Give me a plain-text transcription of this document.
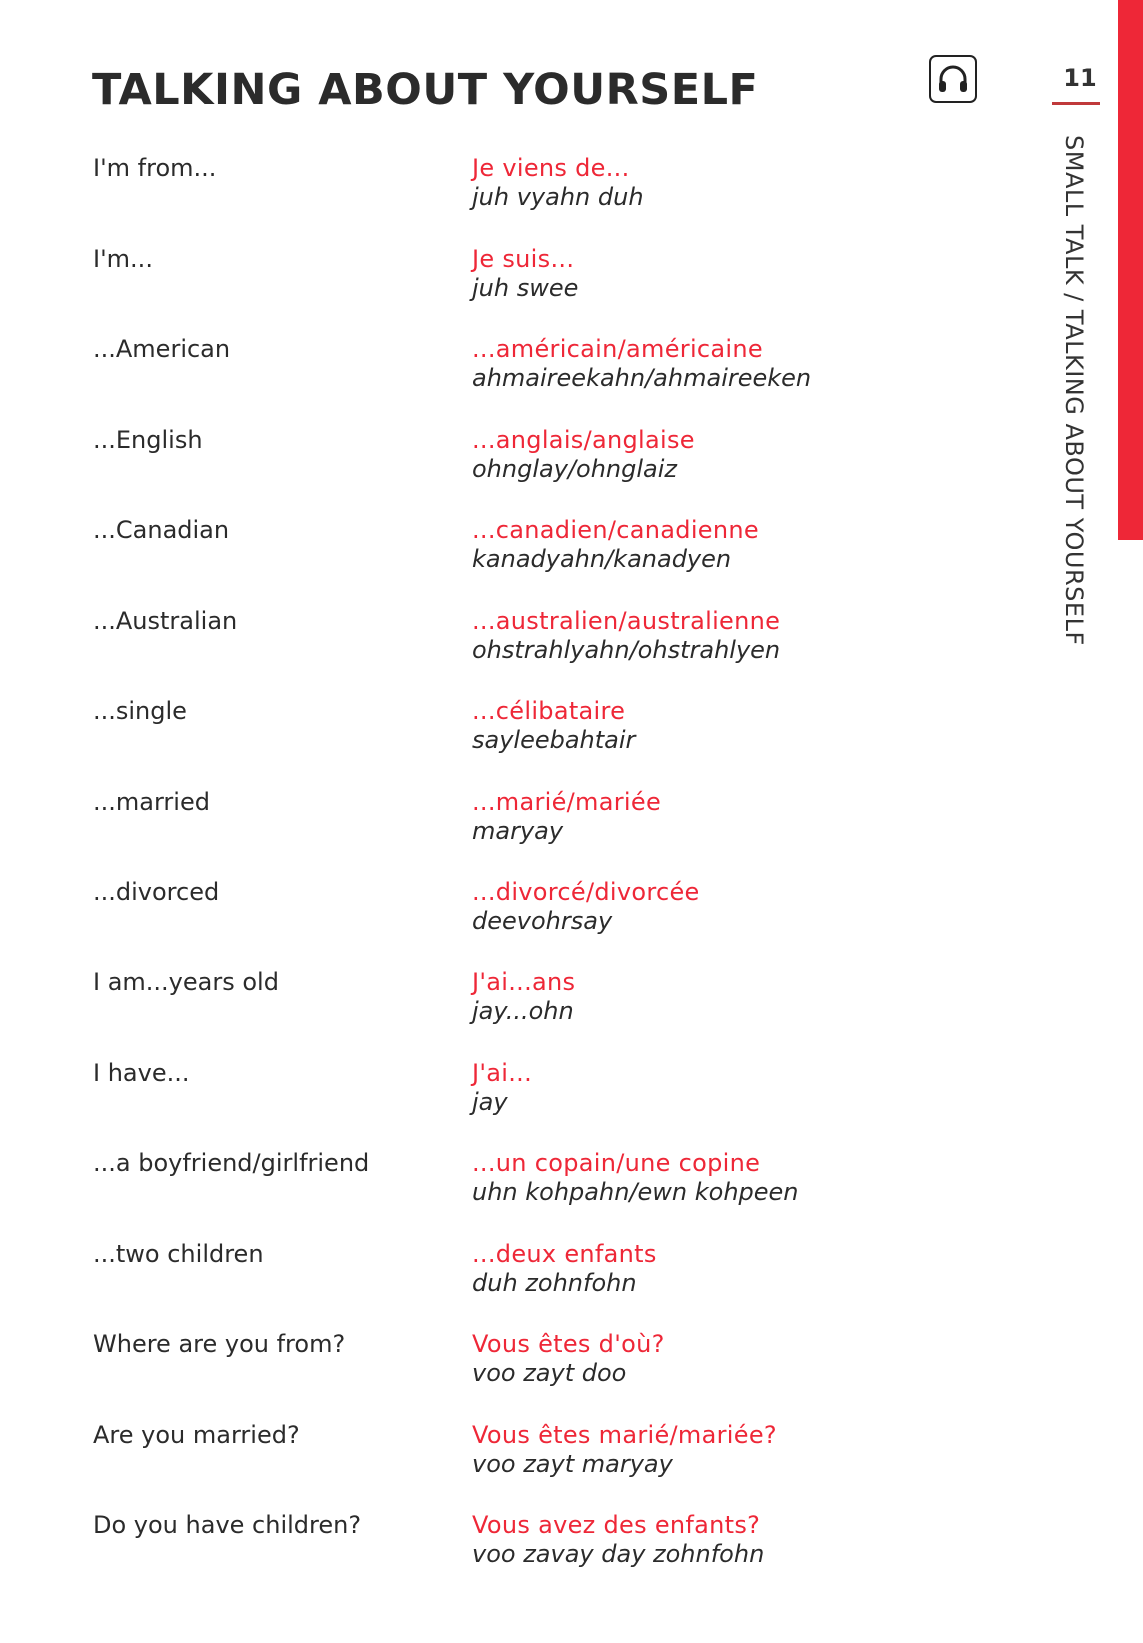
TALKING ABOUT YOURSELF	11
SMALL TALK / TALKING ABOUT YOURSELF
I'm from...	Je viens de...
juh vyahn duh
I'm...	Je suis...
juh swee
...American	...américain/américaine
ahmaireekahn/ahmaireeken
...English	...anglais/anglaise
ohnglay/ohnglaiz
...Canadian	...canadien/canadienne
kanadyahn/kanadyen
...Australian	...australien/australienne
ohstrahlyahn/ohstrahlyen
...single	...célibataire
sayleebahtair
...married	...marié/mariée
maryay
...divorced	...divorcé/divorcée
deevohrsay
I am...years old	J'ai...ans
jay...ohn
I have...	J'ai...
jay
...a boyfriend/girlfriend	...un copain/une copine
uhn kohpahn/ewn kohpeen
...two children	...deux enfants
duh zohnfohn
Where are you from?	Vous êtes d'où?
voo zayt doo
Are you married?	Vous êtes marié/mariée?
voo zayt maryay
Do you have children?	Vous avez des enfants?
voo zavay day zohnfohn
